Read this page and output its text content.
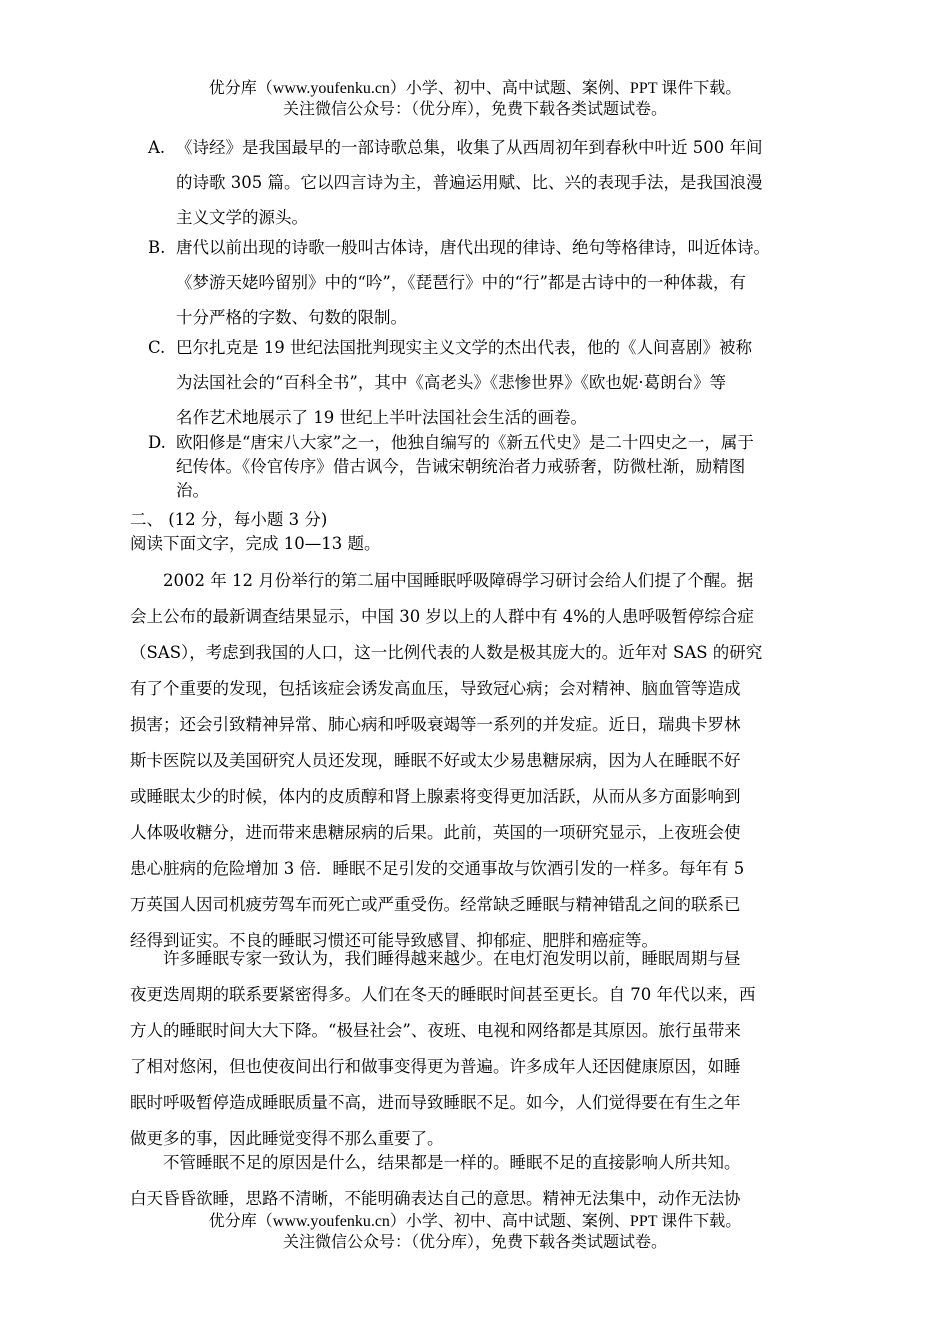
优分库（www.youfenku.cn）小学、初中、高中试题、案例、PPT 课件下载。
关注微信公众号：（优分库），免费下载各类试题试卷。
A. 《诗经》是我国最早的一部诗歌总集，收集了从西周初年到春秋中叶近 500 年间
的诗歌 305 篇。它以四言诗为主，普遍运用赋、比、兴的表现手法，是我国浪漫
主义文学的源头。
B. 唐代以前出现的诗歌一般叫古体诗，唐代出现的律诗、绝句等格律诗，叫近体诗。
《梦游天姥吟留别》中的“吟”，《琵琶行》中的“行”都是古诗中的一种体裁，有
十分严格的字数、句数的限制。
C. 巴尔扎克是 19 世纪法国批判现实主义文学的杰出代表，他的《人间喜剧》被称
为法国社会的“百科全书”，其中《高老头》《悲惨世界》《欧也妮·葛朗台》等
名作艺术地展示了 19 世纪上半叶法国社会生活的画卷。
D. 欧阳修是“唐宋八大家”之一，他独自编写的《新五代史》是二十四史之一，属于
纪传体。《伶官传序》借古讽今，告诫宋朝统治者力戒骄奢，防微杜渐，励精图
治。
二、 (12 分，每小题 3 分)
阅读下面文字，完成 10—13 题。
2002 年 12 月份举行的第二届中国睡眠呼吸障碍学习研讨会给人们提了个醒。据
会上公布的最新调查结果显示，中国 30 岁以上的人群中有 4%的人患呼吸暂停综合症
（SAS），考虑到我国的人口，这一比例代表的人数是极其庞大的。近年对 SAS 的研究
有了个重要的发现，包括该症会诱发高血压，导致冠心病；会对精神、脑血管等造成
损害；还会引致精神异常、肺心病和呼吸衰竭等一系列的并发症。近日，瑞典卡罗林
斯卡医院以及美国研究人员还发现，睡眠不好或太少易患糖尿病，因为人在睡眠不好
或睡眠太少的时候，体内的皮质醇和肾上腺素将变得更加活跃，从而从多方面影响到
人体吸收糖分，进而带来患糖尿病的后果。此前，英国的一项研究显示，上夜班会使
患心脏病的危险增加 3 倍．睡眠不足引发的交通事故与饮酒引发的一样多。每年有 5
万英国人因司机疲劳驾车而死亡或严重受伤。经常缺乏睡眠与精神错乱之间的联系已
经得到证实。不良的睡眠习惯还可能导致感冒、抑郁症、肥胖和癌症等。
许多睡眠专家一致认为，我们睡得越来越少。在电灯泡发明以前，睡眠周期与昼
夜更迭周期的联系要紧密得多。人们在冬天的睡眠时间甚至更长。自 70 年代以来，西
方人的睡眠时间大大下降。“极昼社会”、夜班、电视和网络都是其原因。旅行虽带来
了相对悠闲，但也使夜间出行和做事变得更为普遍。许多成年人还因健康原因，如睡
眠时呼吸暂停造成睡眠质量不高，进而导致睡眠不足。如今，人们觉得要在有生之年
做更多的事，因此睡觉变得不那么重要了。
不管睡眠不足的原因是什么，结果都是一样的。睡眠不足的直接影响人所共知。
白天昏昏欲睡，思路不清晰，不能明确表达自己的意思。精神无法集中，动作无法协
优分库（www.youfenku.cn）小学、初中、高中试题、案例、PPT 课件下载。
关注微信公众号：（优分库），免费下载各类试题试卷。
